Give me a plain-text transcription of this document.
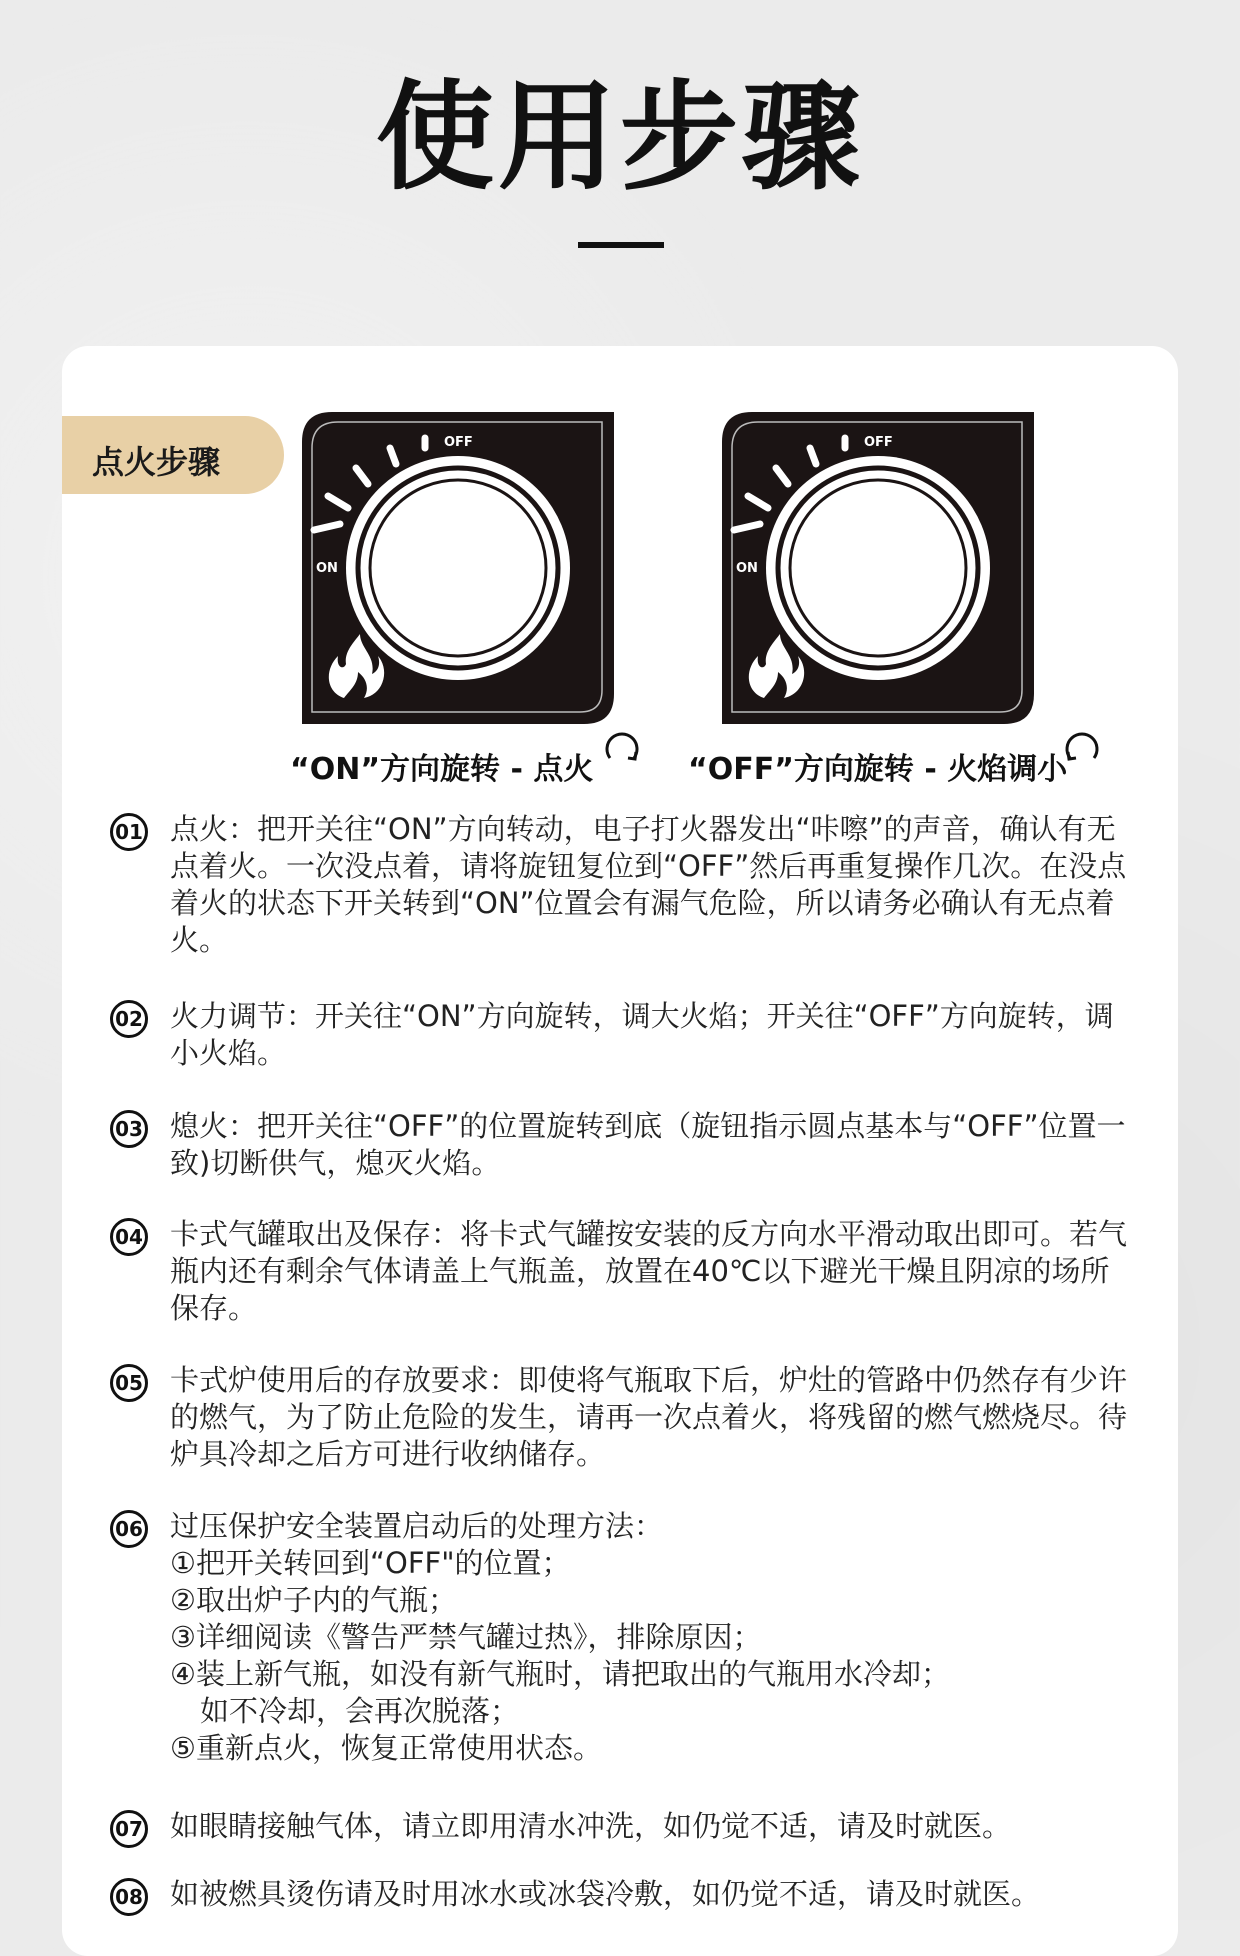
使用步骤
点火步骤
OFF
ON
OFF
ON
“ON”方向旋转 - 点火	“OFF”方向旋转 - 火焰调小
01 点火：把开关往“ON”方向转动，电子打火器发出“咔嚓”的声音，确认有无点着火。一次没点着，请将旋钮复位到“OFF”然后再重复操作几次。在没点着火的状态下开关转到“ON”位置会有漏气危险，所以请务必确认有无点着火。
02 火力调节：开关往“ON”方向旋转，调大火焰；开关往“OFF”方向旋转，调小火焰。
03 熄火：把开关往“OFF”的位置旋转到底（旋钮指示圆点基本与“OFF”位置一致)切断供气，熄灭火焰。
04 卡式气罐取出及保存：将卡式气罐按安装的反方向水平滑动取出即可。若气瓶内还有剩余气体请盖上气瓶盖，放置在40℃以下避光干燥且阴凉的场所保存。
05 卡式炉使用后的存放要求：即使将气瓶取下后，炉灶的管路中仍然存有少许的燃气，为了防止危险的发生，请再一次点着火，将残留的燃气燃烧尽。待炉具冷却之后方可进行收纳储存。
06 过压保护安全装置启动后的处理方法：
①把开关转回到“OFF"的位置；
②取出炉子内的气瓶；
③详细阅读《警告严禁气罐过热》，排除原因；
④装上新气瓶，如没有新气瓶时，请把取出的气瓶用水冷却；
如不冷却，会再次脱落；
⑤重新点火，恢复正常使用状态。
07 如眼睛接触气体，请立即用清水冲洗，如仍觉不适，请及时就医。
08 如被燃具烫伤请及时用冰水或冰袋冷敷，如仍觉不适，请及时就医。
